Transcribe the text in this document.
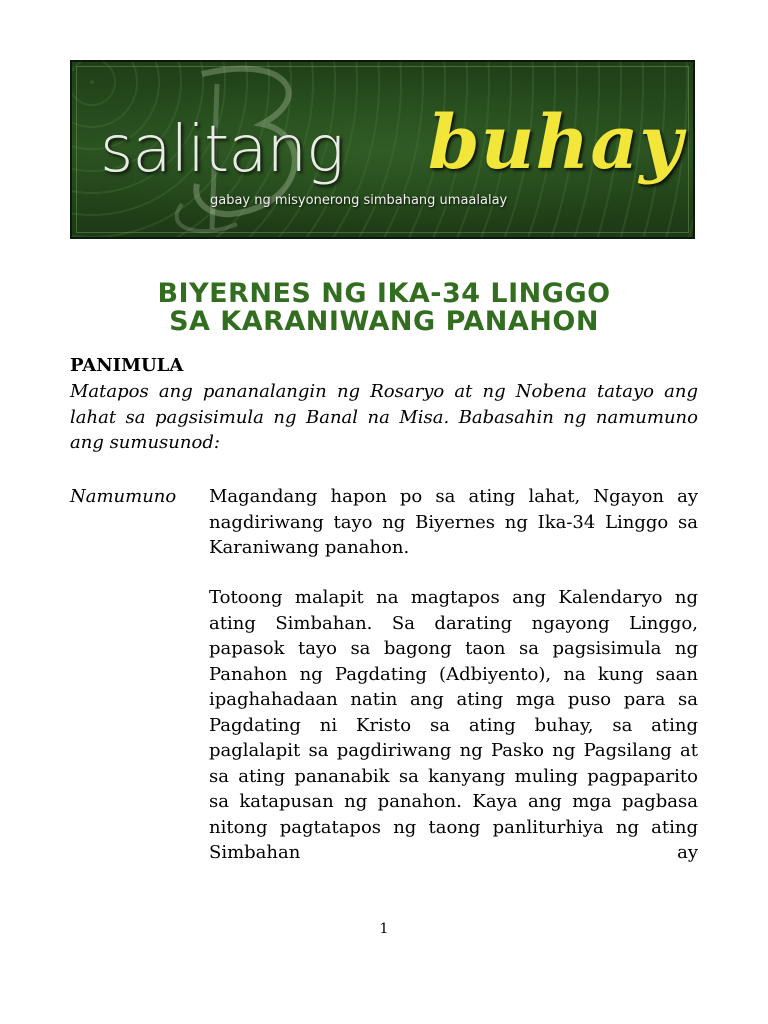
salitang buhay
gabay ng misyonerong simbahang umaalalay
BIYERNES NG IKA-34 LINGGO
SA KARANIWANG PANAHON
PANIMULA
Matapos ang pananalangin ng Rosaryo at ng Nobena tatayo ang lahat sa pagsisimula ng Banal na Misa. Babasahin ng namumuno ang sumusunod:
Namumuno Magandang hapon po sa ating lahat, Ngayon ay nagdiriwang tayo ng Biyernes ng Ika-34 Linggo sa Karaniwang panahon.
Totoong malapit na magtapos ang Kalendaryo ng ating Simbahan. Sa darating ngayong Linggo, papasok tayo sa bagong taon sa pagsisimula ng Panahon ng Pagdating (Adbiyento), na kung saan ipaghahadaan natin ang ating mga puso para sa Pagdating ni Kristo sa ating buhay, sa ating paglalapit sa pagdiriwang ng Pasko ng Pagsilang at sa ating pananabik sa kanyang muling pagpaparito sa katapusan ng panahon. Kaya ang mga pagbasa nitong pagtatapos ng taong panliturhiya ng ating Simbahan ay
1
